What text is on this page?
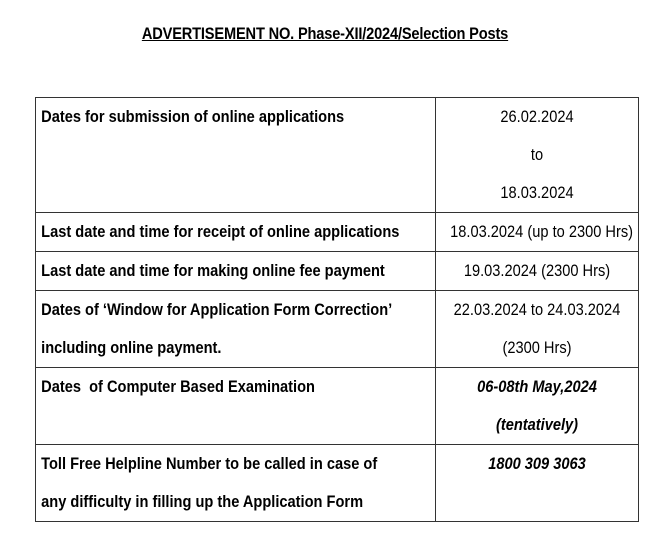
ADVERTISEMENT NO. Phase-XII/2024/Selection Posts
Dates for submission of online applications	26.02.2024
to
18.03.2024

Last date and time for receipt of online applications	18.03.2024 (up to 2300 Hrs)

Last date and time for making online fee payment	19.03.2024 (2300 Hrs)

Dates of ‘Window for Application Form Correction’
including online payment.	22.03.2024 to 24.03.2024
(2300 Hrs)

Dates  of Computer Based Examination	06-08th May,2024
(tentatively)

Toll Free Helpline Number to be called in case of
any difficulty in filling up the Application Form	1800 309 3063
